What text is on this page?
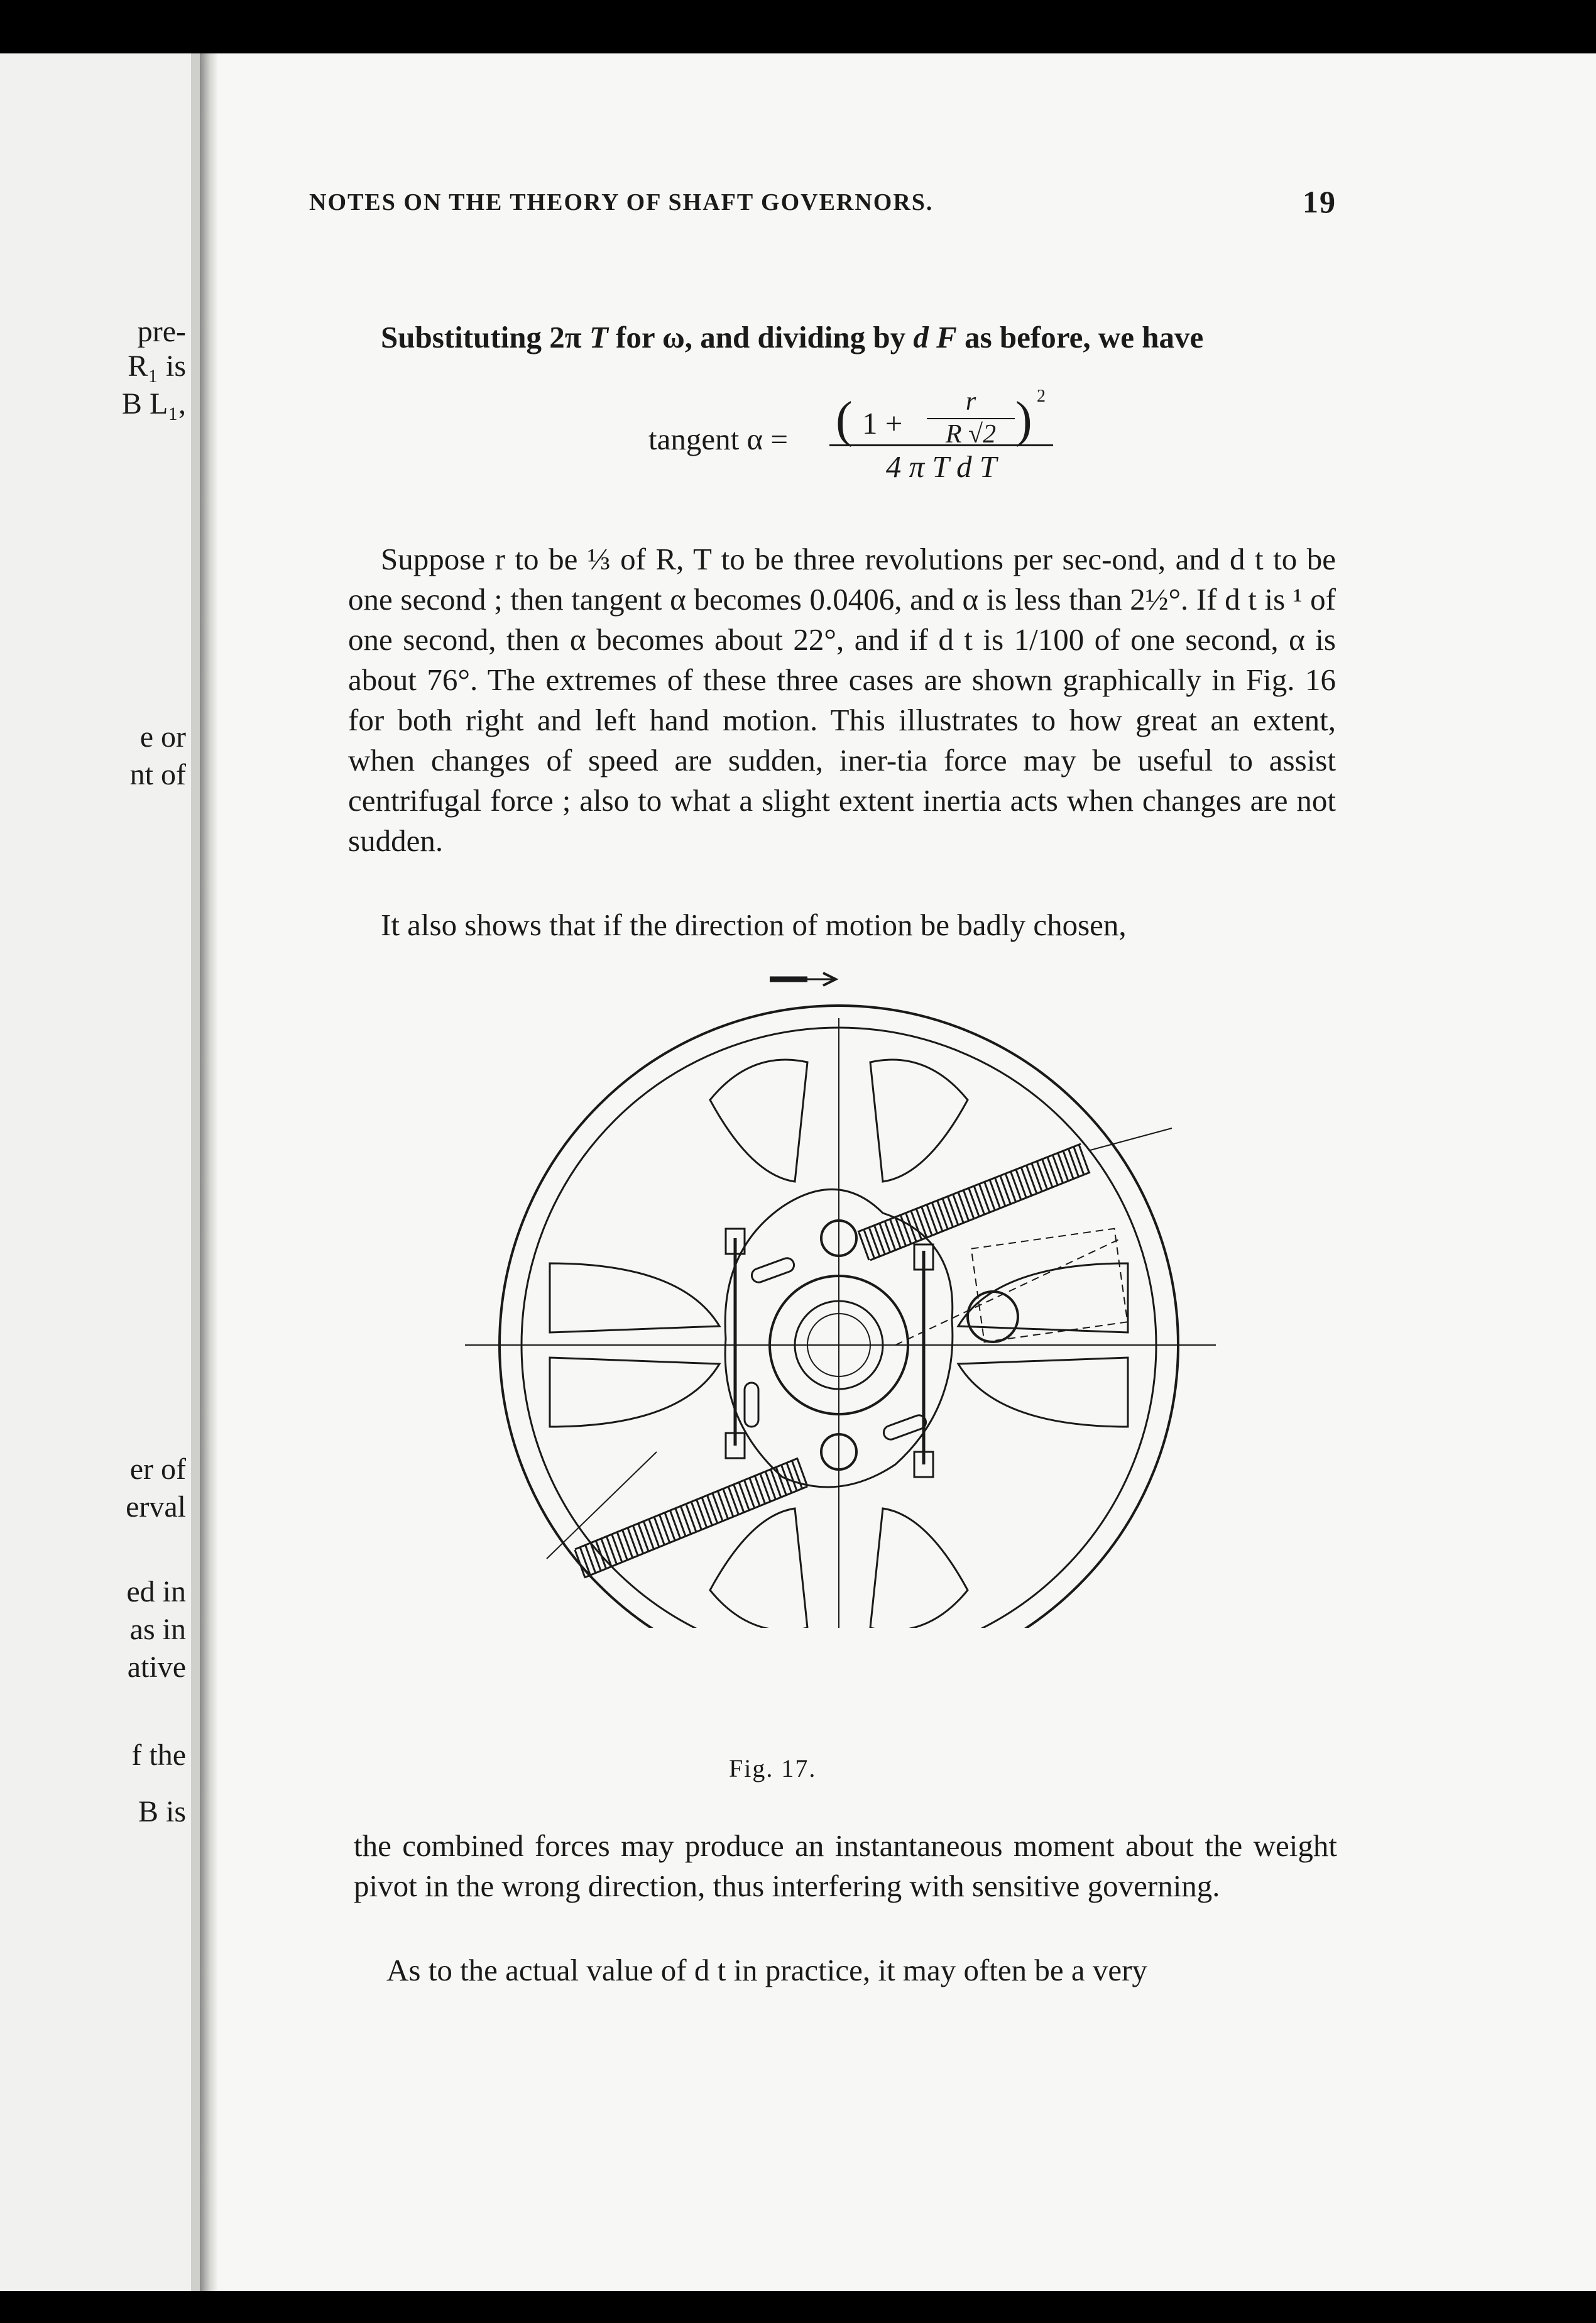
pre-
R₁ is
B L₁,
e or
nt of
er of
erval
ed in
as in
ative
f the
B is
NOTES ON THE THEORY OF SHAFT GOVERNORS.	19
Substituting 2π T for ω, and dividing by d F as before, we have
tangent α = ( 1 +
r
R √2 ) 2
4 π T d T
Suppose r to be ⅓ of R, T to be three revolutions per sec-ond, and d t to be one second ; then tangent α becomes 0.0406, and α is less than 2½°. If d t is ¹ of one second, then α becomes about 22°, and if d t is 1/100 of one second, α is about 76°. The extremes of these three cases are shown graphically in Fig. 16 for both right and left hand motion. This illustrates to how great an extent, when changes of speed are sudden, iner-tia force may be useful to assist centrifugal force ; also to what a slight extent inertia acts when changes are not sudden.
It also shows that if the direction of motion be badly chosen,
Fig. 17.
the combined forces may produce an instantaneous moment about the weight pivot in the wrong direction, thus interfering with sensitive governing.
As to the actual value of d t in practice, it may often be a very
